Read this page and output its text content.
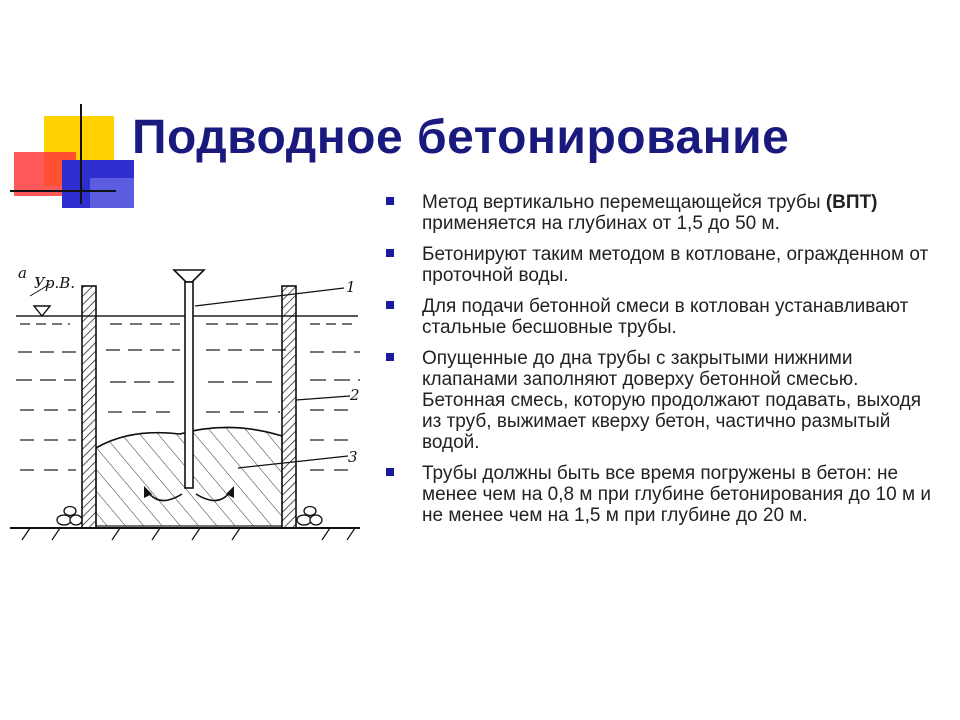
Подводное бетонирование
Метод вертикально перемещающейся трубы (ВПТ) применяется на глубинах от 1,5 до 50 м.
Бетонируют таким методом в котловане, огражденном от проточной воды.
Для подачи бетонной смеси в котлован устанавливают стальные бесшовные трубы.
Опущенные до дна трубы с закрытыми нижними клапанами заполняют доверху бетонной смесью. Бетонная смесь, которую продолжают подавать, выходя из труб, выжимает кверху бетон, частично размытый водой.
Трубы должны быть все время погружены в бетон: не менее чем на 0,8 м при глубине бетонирования до 10 м и не менее чем на 1,5 м при глубине до 20 м.
а
Ур.В.	1
2
3
